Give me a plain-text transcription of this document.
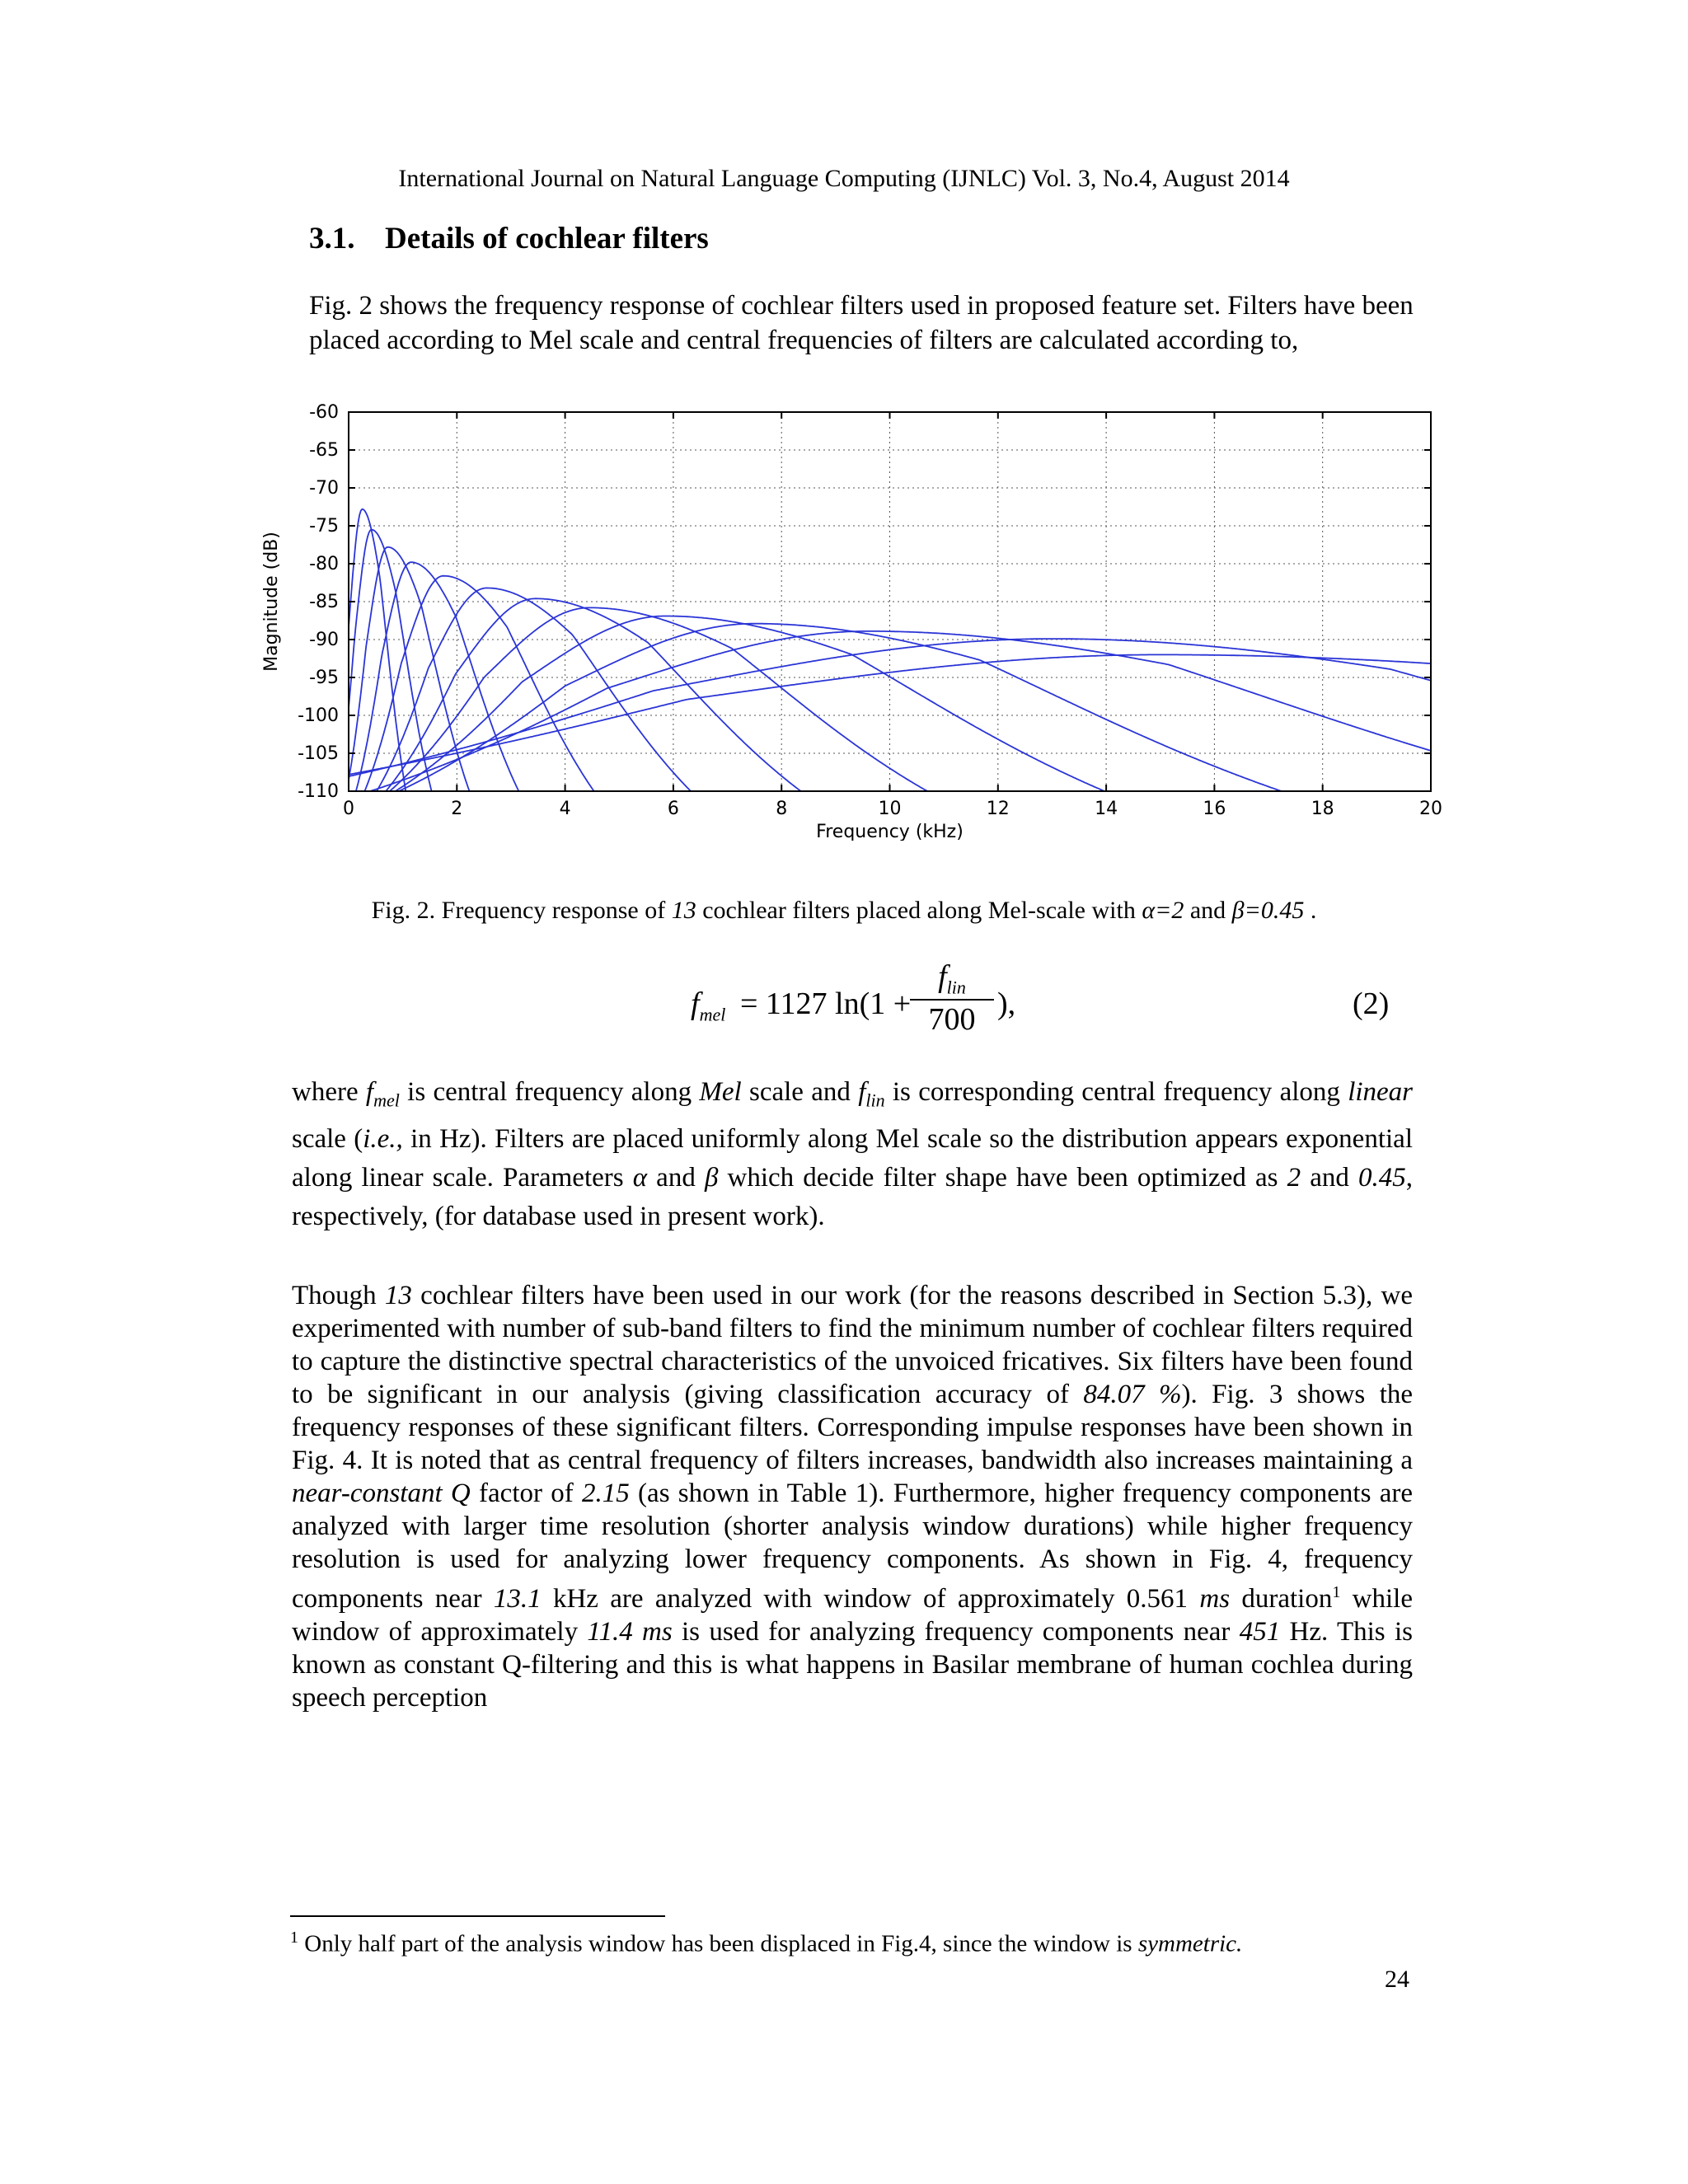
International Journal on Natural Language Computing (IJNLC) Vol. 3, No.4, August 2014
3.1. Details of cochlear filters
Fig. 2 shows the frequency response of cochlear filters used in proposed feature set. Filters have been placed according to Mel scale and central frequencies of filters are calculated according to,
0	2	4	6	8	10	12	14	16	18	20
-60
-65
-70
-75
-80
-85
-90
-95
-100
-105
-110
Frequency (kHz)
Magnitude (dB)
Fig. 2. Frequency response of 13 cochlear filters placed along Mel-scale with α=2 and β=0.45 .
$f_{mel} = 1127$ ln(1 +
$f_{lin}$
700 ),	(2)
where $f_{mel}$ is central frequency along Mel scale and $f_{lin}$ is corresponding central frequency along linear scale (i.e., in Hz). Filters are placed uniformly along Mel scale so the distribution appears exponential along linear scale. Parameters α and β which decide filter shape have been optimized as 2 and 0.45, respectively, (for database used in present work).
Though 13 cochlear filters have been used in our work (for the reasons described in Section 5.3), we experimented with number of sub-band filters to find the minimum number of cochlear filters required to capture the distinctive spectral characteristics of the unvoiced fricatives. Six filters have been found to be significant in our analysis (giving classification accuracy of 84.07 %). Fig. 3 shows the frequency responses of these significant filters. Corresponding impulse responses have been shown in Fig. 4. It is noted that as central frequency of filters increases, bandwidth also increases maintaining a near-constant Q factor of 2.15 (as shown in Table 1). Furthermore, higher frequency components are analyzed with larger time resolution (shorter analysis window durations) while higher frequency resolution is used for analyzing lower frequency components. As shown in Fig. 4, frequency components near 13.1 kHz are analyzed with window of approximately 0.561 ms duration$^1$ while window of approximately 11.4 ms is used for analyzing frequency components near 451 Hz. This is known as constant Q-filtering and this is what happens in Basilar membrane of human cochlea during speech perception
$^1$ Only half part of the analysis window has been displaced in Fig.4, since the window is symmetric.
24
